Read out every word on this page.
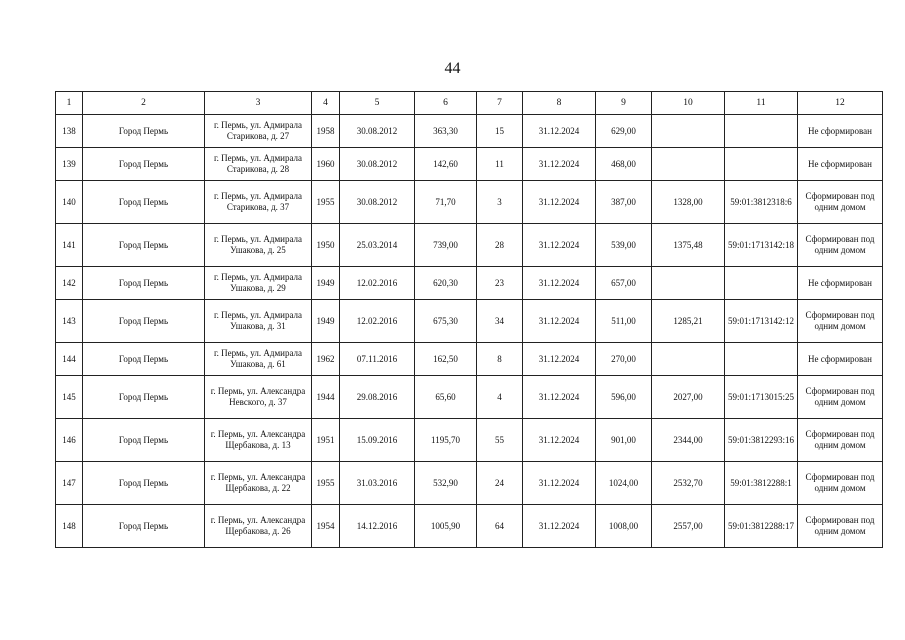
44
1	2	3	4	5	6	7	8	9	10	11	12
138	Город Пермь	г. Пермь, ул. Адмирала Старикова, д. 27	1958	30.08.2012	363,30	15	31.12.2024	629,00			Не сформирован
139	Город Пермь	г. Пермь, ул. Адмирала Старикова, д. 28	1960	30.08.2012	142,60	11	31.12.2024	468,00			Не сформирован
140	Город Пермь	г. Пермь, ул. Адмирала Старикова, д. 37	1955	30.08.2012	71,70	3	31.12.2024	387,00	1328,00	59:01:3812318:6	Сформирован под одним домом
141	Город Пермь	г. Пермь, ул. Адмирала Ушакова, д. 25	1950	25.03.2014	739,00	28	31.12.2024	539,00	1375,48	59:01:1713142:18	Сформирован под одним домом
142	Город Пермь	г. Пермь, ул. Адмирала Ушакова, д. 29	1949	12.02.2016	620,30	23	31.12.2024	657,00			Не сформирован
143	Город Пермь	г. Пермь, ул. Адмирала Ушакова, д. 31	1949	12.02.2016	675,30	34	31.12.2024	511,00	1285,21	59:01:1713142:12	Сформирован под одним домом
144	Город Пермь	г. Пермь, ул. Адмирала Ушакова, д. 61	1962	07.11.2016	162,50	8	31.12.2024	270,00			Не сформирован
145	Город Пермь	г. Пермь, ул. Александра Невского, д. 37	1944	29.08.2016	65,60	4	31.12.2024	596,00	2027,00	59:01:1713015:25	Сформирован под одним домом
146	Город Пермь	г. Пермь, ул. Александра Щербакова, д. 13	1951	15.09.2016	1195,70	55	31.12.2024	901,00	2344,00	59:01:3812293:16	Сформирован под одним домом
147	Город Пермь	г. Пермь, ул. Александра Щербакова, д. 22	1955	31.03.2016	532,90	24	31.12.2024	1024,00	2532,70	59:01:3812288:1	Сформирован под одним домом
148	Город Пермь	г. Пермь, ул. Александра Щербакова, д. 26	1954	14.12.2016	1005,90	64	31.12.2024	1008,00	2557,00	59:01:3812288:17	Сформирован под одним домом
